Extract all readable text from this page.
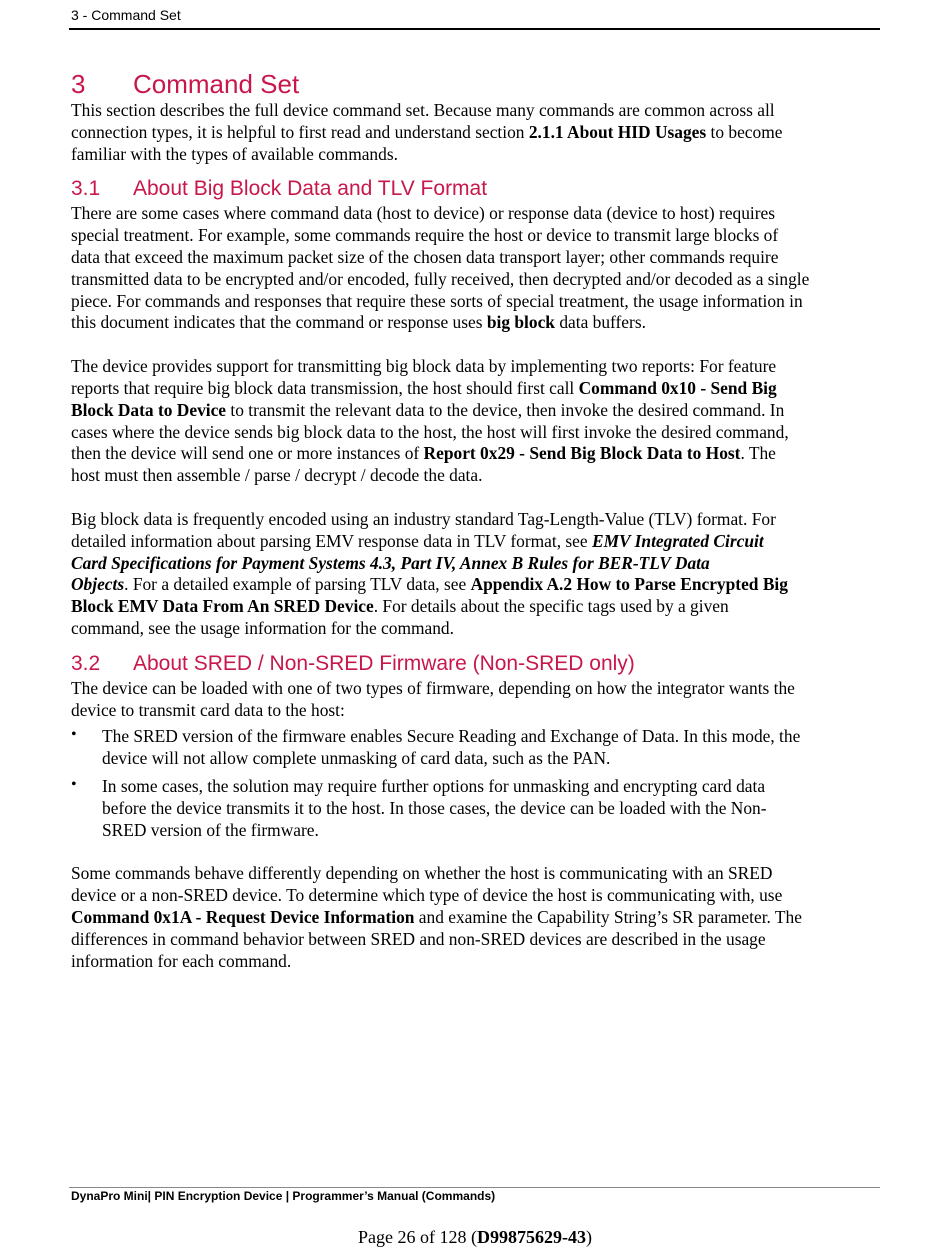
3 - Command Set
3 Command Set

This section describes the full device command set. Because many commands are common across all
connection types, it is helpful to first read and understand section 2.1.1 About HID Usages to become
familiar with the types of available commands.

3.1 About Big Block Data and TLV Format

There are some cases where command data (host to device) or response data (device to host) requires
special treatment. For example, some commands require the host or device to transmit large blocks of
data that exceed the maximum packet size of the chosen data transport layer; other commands require
transmitted data to be encrypted and/or encoded, fully received, then decrypted and/or decoded as a single
piece. For commands and responses that require these sorts of special treatment, the usage information in
this document indicates that the command or response uses big block data buffers.

The device provides support for transmitting big block data by implementing two reports: For feature
reports that require big block data transmission, the host should first call Command 0x10 - Send Big
Block Data to Device to transmit the relevant data to the device, then invoke the desired command. In
cases where the device sends big block data to the host, the host will first invoke the desired command,
then the device will send one or more instances of Report 0x29 - Send Big Block Data to Host. The
host must then assemble / parse / decrypt / decode the data.

Big block data is frequently encoded using an industry standard Tag-Length-Value (TLV) format. For
detailed information about parsing EMV response data in TLV format, see EMV Integrated Circuit
Card Specifications for Payment Systems 4.3, Part IV, Annex B Rules for BER-TLV Data
Objects. For a detailed example of parsing TLV data, see Appendix A.2 How to Parse Encrypted Big
Block EMV Data From An SRED Device. For details about the specific tags used by a given
command, see the usage information for the command.

3.2 About SRED / Non-SRED Firmware (Non-SRED only)

The device can be loaded with one of two types of firmware, depending on how the integrator wants the
device to transmit card data to the host:

• The SRED version of the firmware enables Secure Reading and Exchange of Data. In this mode, the
device will not allow complete unmasking of card data, such as the PAN.

• In some cases, the solution may require further options for unmasking and encrypting card data
before the device transmits it to the host. In those cases, the device can be loaded with the Non-
SRED version of the firmware.

Some commands behave differently depending on whether the host is communicating with an SRED
device or a non-SRED device. To determine which type of device the host is communicating with, use
Command 0x1A - Request Device Information and examine the Capability String’s SR parameter. The
differences in command behavior between SRED and non-SRED devices are described in the usage
information for each command.

DynaPro Mini| PIN Encryption Device | Programmer’s Manual (Commands)
Page 26 of 128 (D99875629-43)
